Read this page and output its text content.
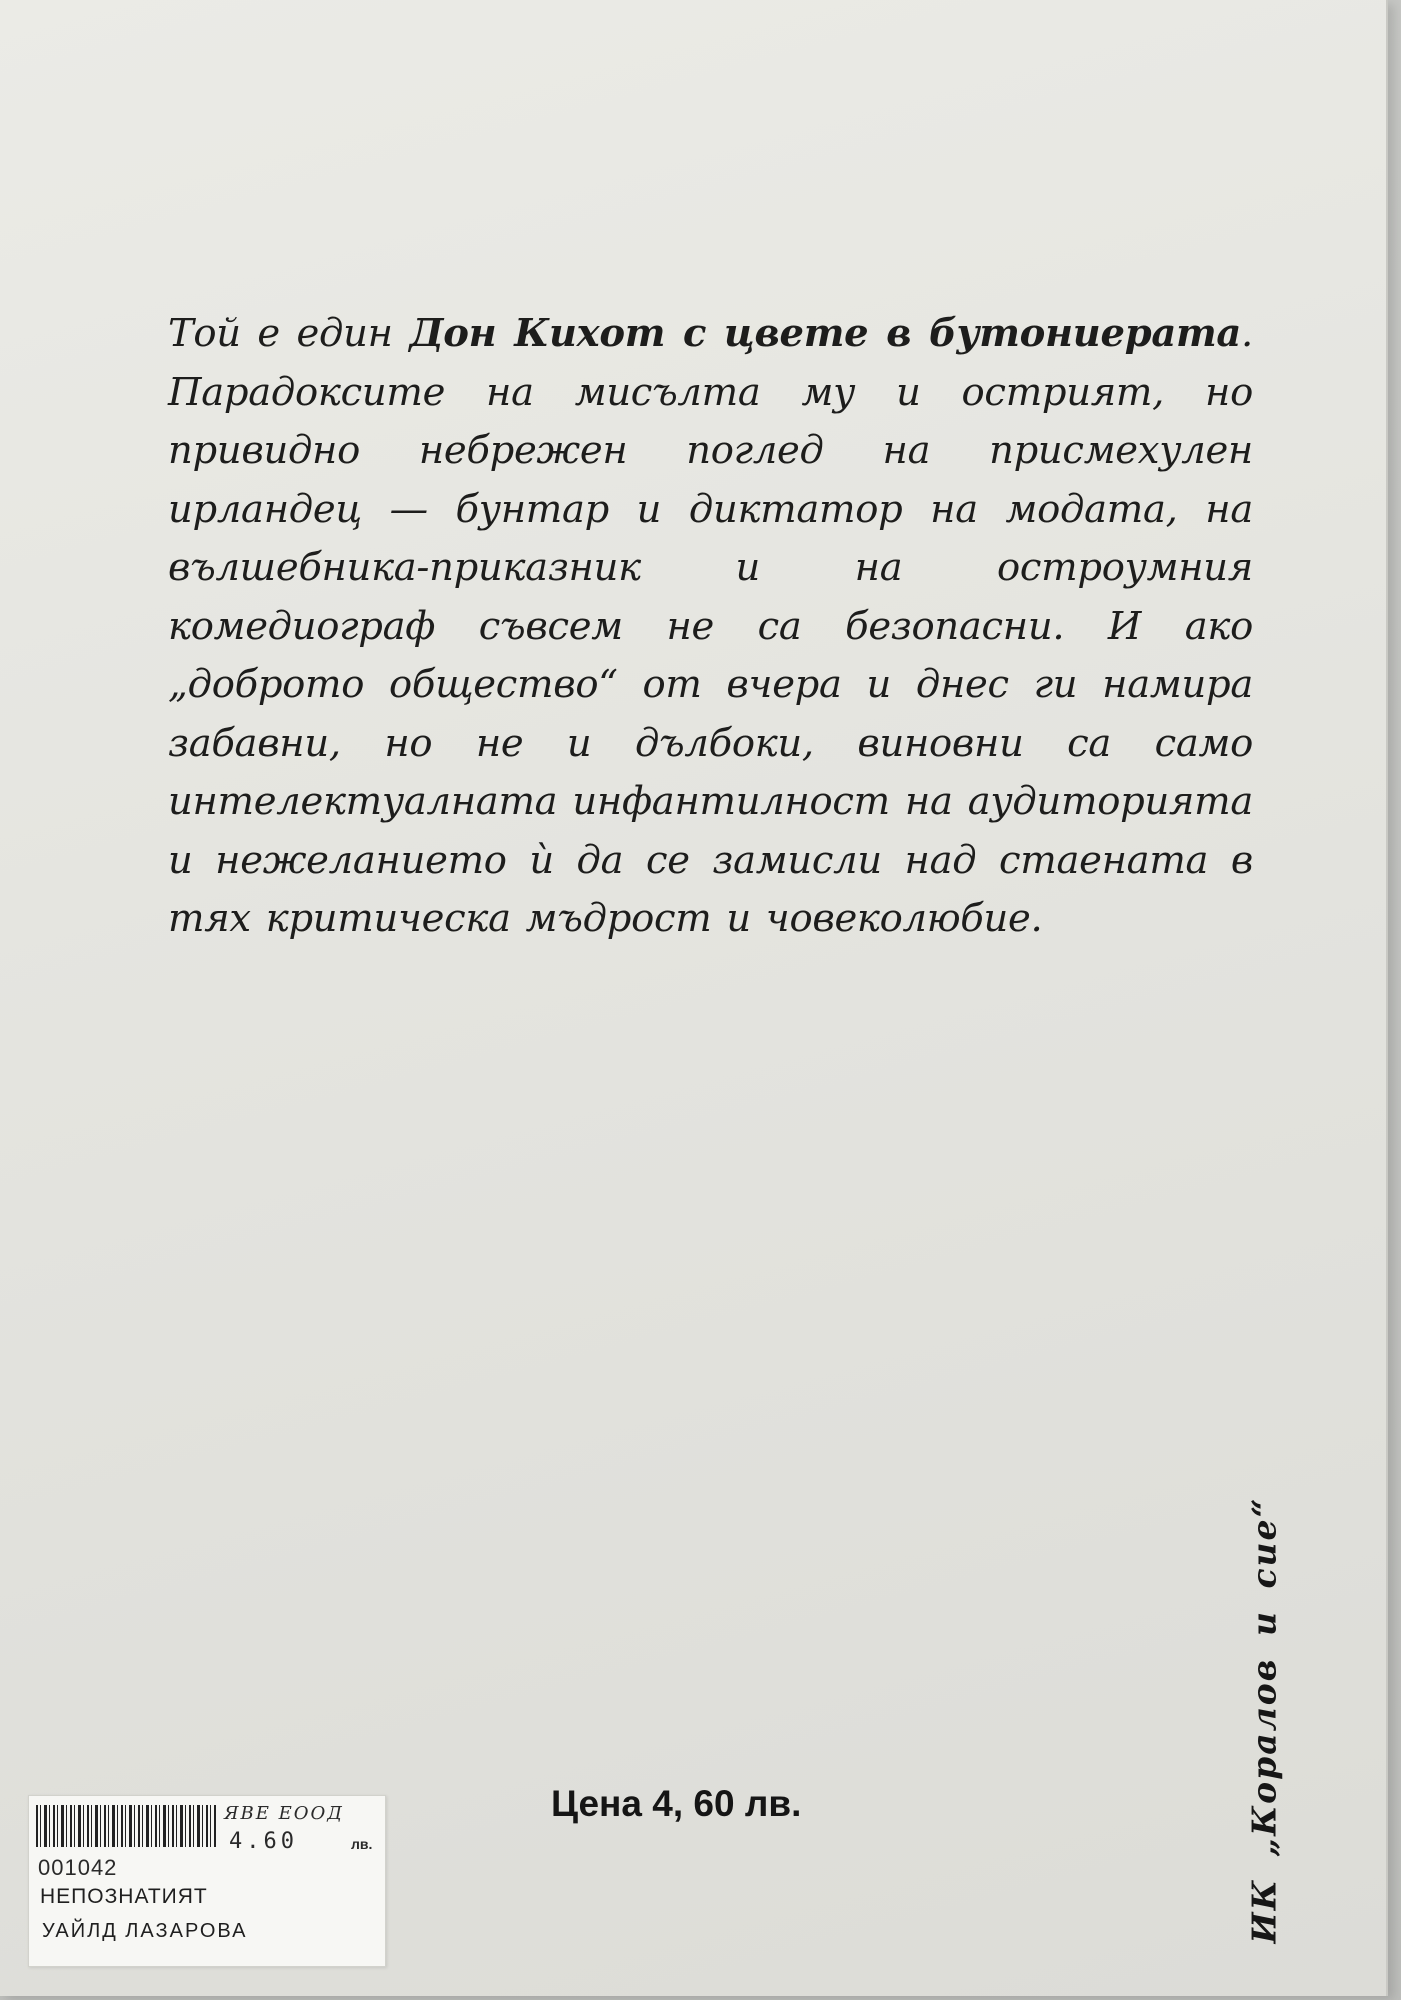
Той е един Дон Кихот с цвете в бутониерата. Парадоксите на мисълта му и острият, но привидно небрежен поглед на присмехулен ирландец — бунтар и диктатор на модата, на вълшебника-приказник и на остроумния комедиограф съвсем не са безопасни. И ако „доброто общество“ от вчера и днес ги намира забавни, но не и дълбоки, виновни са само интелектуалната инфантилност на аудиторията и нежеланието ѝ да се замисли над стаената в тях критическа мъдрост и човеколюбие.
ИК „Коралов и сие“
Цена 4, 60 лв.
ЯВЕ ЕООД
4.60	лв.
001042
НЕПОЗНАТИЯТ
УАЙЛД ЛАЗАРОВА
